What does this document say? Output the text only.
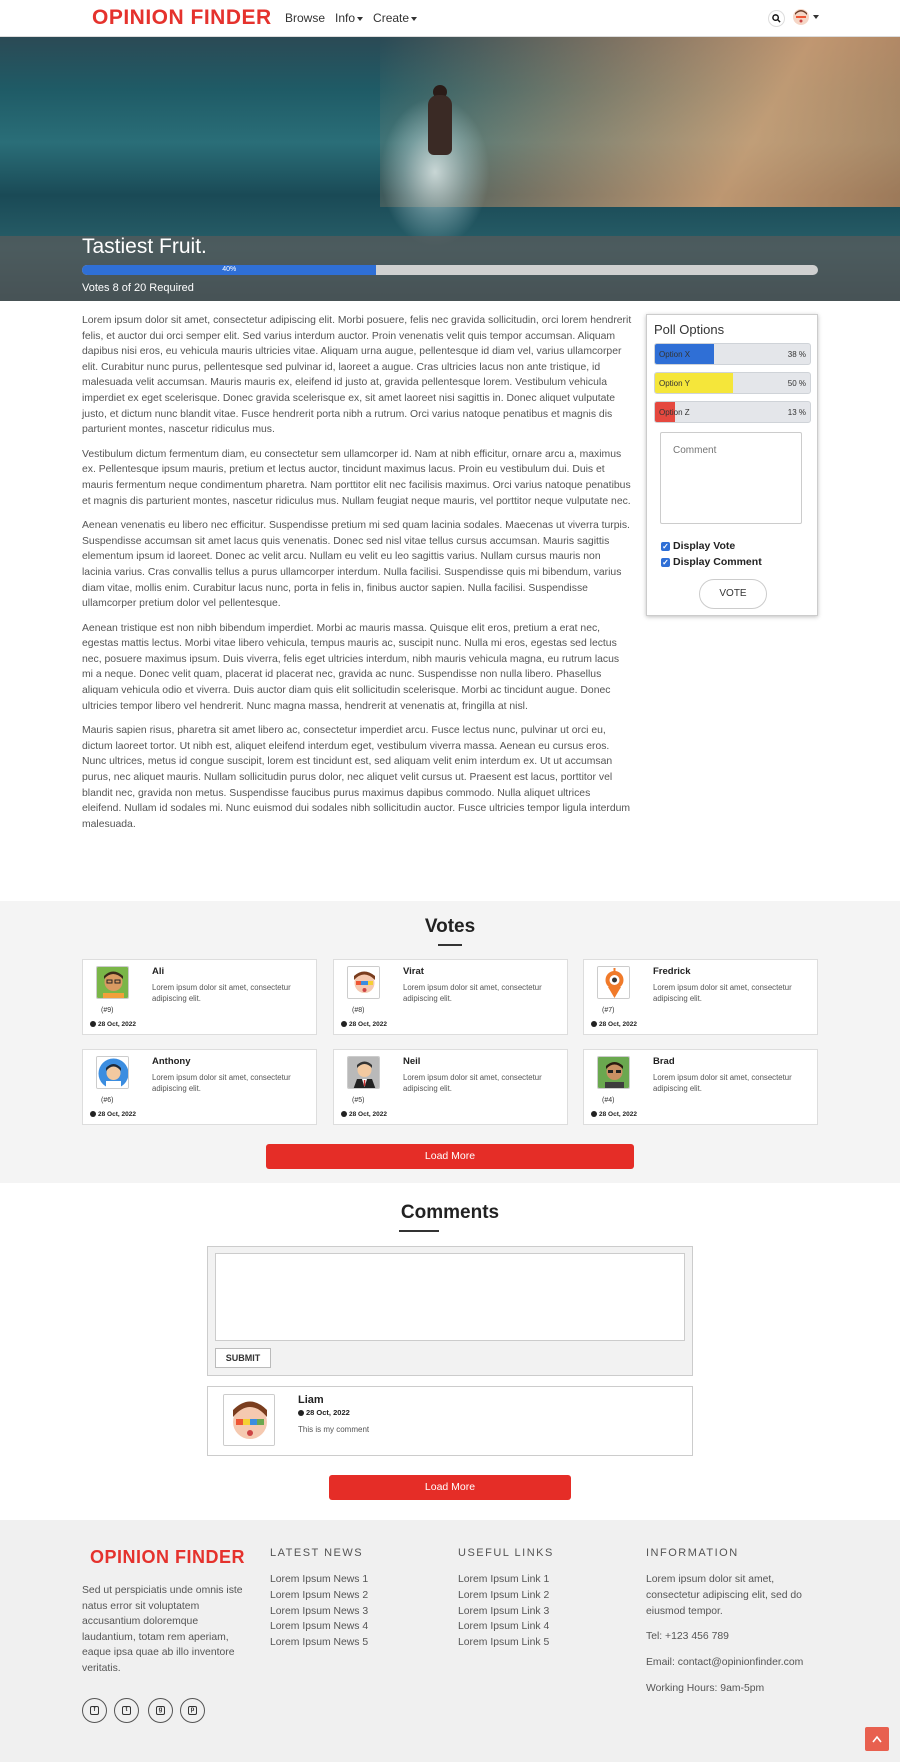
OPINION FINDER Browse Info	Create
Tastiest Fruit.
40%
Votes 8 of 20 Required

Lorem ipsum dolor sit amet, consectetur adipiscing elit. Morbi posuere, felis nec gravida sollicitudin, orci lorem hendrerit felis, et auctor dui orci semper elit. Sed varius interdum auctor. Proin venenatis velit quis tempor accumsan. Aliquam dapibus nisi eros, eu vehicula mauris ultricies vitae. Aliquam urna augue, pellentesque id diam vel, varius ullamcorper elit. Curabitur nunc purus, pellentesque sed pulvinar id, laoreet a augue. Cras ultricies lacus non ante tristique, id malesuada velit accumsan. Mauris mauris ex, eleifend id justo at, gravida pellentesque lorem. Vestibulum vehicula imperdiet ex eget scelerisque. Donec gravida scelerisque ex, sit amet laoreet nisi sagittis in. Donec aliquet vulputate justo, et dictum nunc blandit vitae. Fusce hendrerit porta nibh a rutrum. Orci varius natoque penatibus et magnis dis parturient montes, nascetur ridiculus mus.

Vestibulum dictum fermentum diam, eu consectetur sem ullamcorper id. Nam at nibh efficitur, ornare arcu a, maximus ex. Pellentesque ipsum mauris, pretium et lectus auctor, tincidunt maximus lacus. Proin eu vestibulum dui. Duis et mauris fermentum neque condimentum pharetra. Nam porttitor elit nec facilisis maximus. Orci varius natoque penatibus et magnis dis parturient montes, nascetur ridiculus mus. Nullam feugiat neque mauris, vel porttitor neque vulputate nec.

Aenean venenatis eu libero nec efficitur. Suspendisse pretium mi sed quam lacinia sodales. Maecenas ut viverra turpis. Suspendisse accumsan sit amet lacus quis venenatis. Donec sed nisl vitae tellus cursus accumsan. Mauris sagittis elementum ipsum id laoreet. Donec ac velit arcu. Nullam eu velit eu leo sagittis varius. Nullam cursus mauris non lacinia varius. Cras convallis tellus a purus ullamcorper interdum. Nulla facilisi. Suspendisse quis mi bibendum, varius diam vitae, mollis enim. Curabitur lacus nunc, porta in felis in, finibus auctor sapien. Nulla facilisi. Suspendisse ullamcorper pretium dolor vel pellentesque.

Aenean tristique est non nibh bibendum imperdiet. Morbi ac mauris massa. Quisque elit eros, pretium a erat nec, egestas mattis lectus. Morbi vitae libero vehicula, tempus mauris ac, suscipit nunc. Nulla mi eros, egestas sed lectus nec, posuere maximus ipsum. Duis viverra, felis eget ultricies interdum, nibh mauris vehicula magna, eu rutrum lacus mi a neque. Donec velit quam, placerat id placerat nec, gravida ac nunc. Suspendisse non nulla libero. Phasellus aliquam vehicula odio et viverra. Duis auctor diam quis elit sollicitudin scelerisque. Morbi ac tincidunt augue. Donec ultricies tempor libero vel hendrerit. Nunc magna massa, hendrerit at venenatis at, fringilla at nisl.

Mauris sapien risus, pharetra sit amet libero ac, consectetur imperdiet arcu. Fusce lectus nunc, pulvinar ut orci eu, dictum laoreet tortor. Ut nibh est, aliquet eleifend interdum eget, vestibulum viverra massa. Aenean eu cursus eros. Nunc ultrices, metus id congue suscipit, lorem est tincidunt est, sed aliquam velit enim interdum ex. Ut ut accumsan purus, nec aliquet mauris. Nullam sollicitudin purus dolor, nec aliquet velit cursus ut. Praesent est lacus, porttitor vel blandit nec, gravida non metus. Suspendisse faucibus purus maximus dapibus commodo. Nulla aliquet ultrices eleifend. Nullam id sodales mi. Nunc euismod dui sodales nibh sollicitudin auctor. Fusce ultricies tempor ligula interdum malesuada.

Poll Options
Option X	38 %
Option Y	50 %
Option Z	13 %
Comment
✓ Display Vote
✓ Display Comment
VOTE
Votes
(#9)
28 Oct, 2022
Ali
Lorem ipsum dolor sit amet, consectetur adipiscing elit.
(#8)
28 Oct, 2022
Virat
Lorem ipsum dolor sit amet, consectetur adipiscing elit.
(#7)
28 Oct, 2022
Fredrick
Lorem ipsum dolor sit amet, consectetur adipiscing elit.
(#6)
28 Oct, 2022
Anthony
Lorem ipsum dolor sit amet, consectetur adipiscing elit.
(#5)
28 Oct, 2022
Neil
Lorem ipsum dolor sit amet, consectetur adipiscing elit.
(#4)
28 Oct, 2022
Brad
Lorem ipsum dolor sit amet, consectetur adipiscing elit.
Load More
Comments
SUBMIT
Liam
28 Oct, 2022
This is my comment
Load More
OPINION FINDER
Sed ut perspiciatis unde omnis iste natus error sit voluptatem accusantium doloremque laudantium, totam rem aperiam, eaque ipsa quae ab illo inventore veritatis.
LATEST NEWS
Lorem Ipsum News 1
Lorem Ipsum News 2
Lorem Ipsum News 3
Lorem Ipsum News 4
Lorem Ipsum News 5
USEFUL LINKS
Lorem Ipsum Link 1
Lorem Ipsum Link 2
Lorem Ipsum Link 3
Lorem Ipsum Link 4
Lorem Ipsum Link 5
INFORMATION

Lorem ipsum dolor sit amet, consectetur adipiscing elit, sed do eiusmod tempor.

Tel: +123 456 789

Email: contact@opinionfinder.com

Working Hours: 9am-5pm

f	t	g	p
